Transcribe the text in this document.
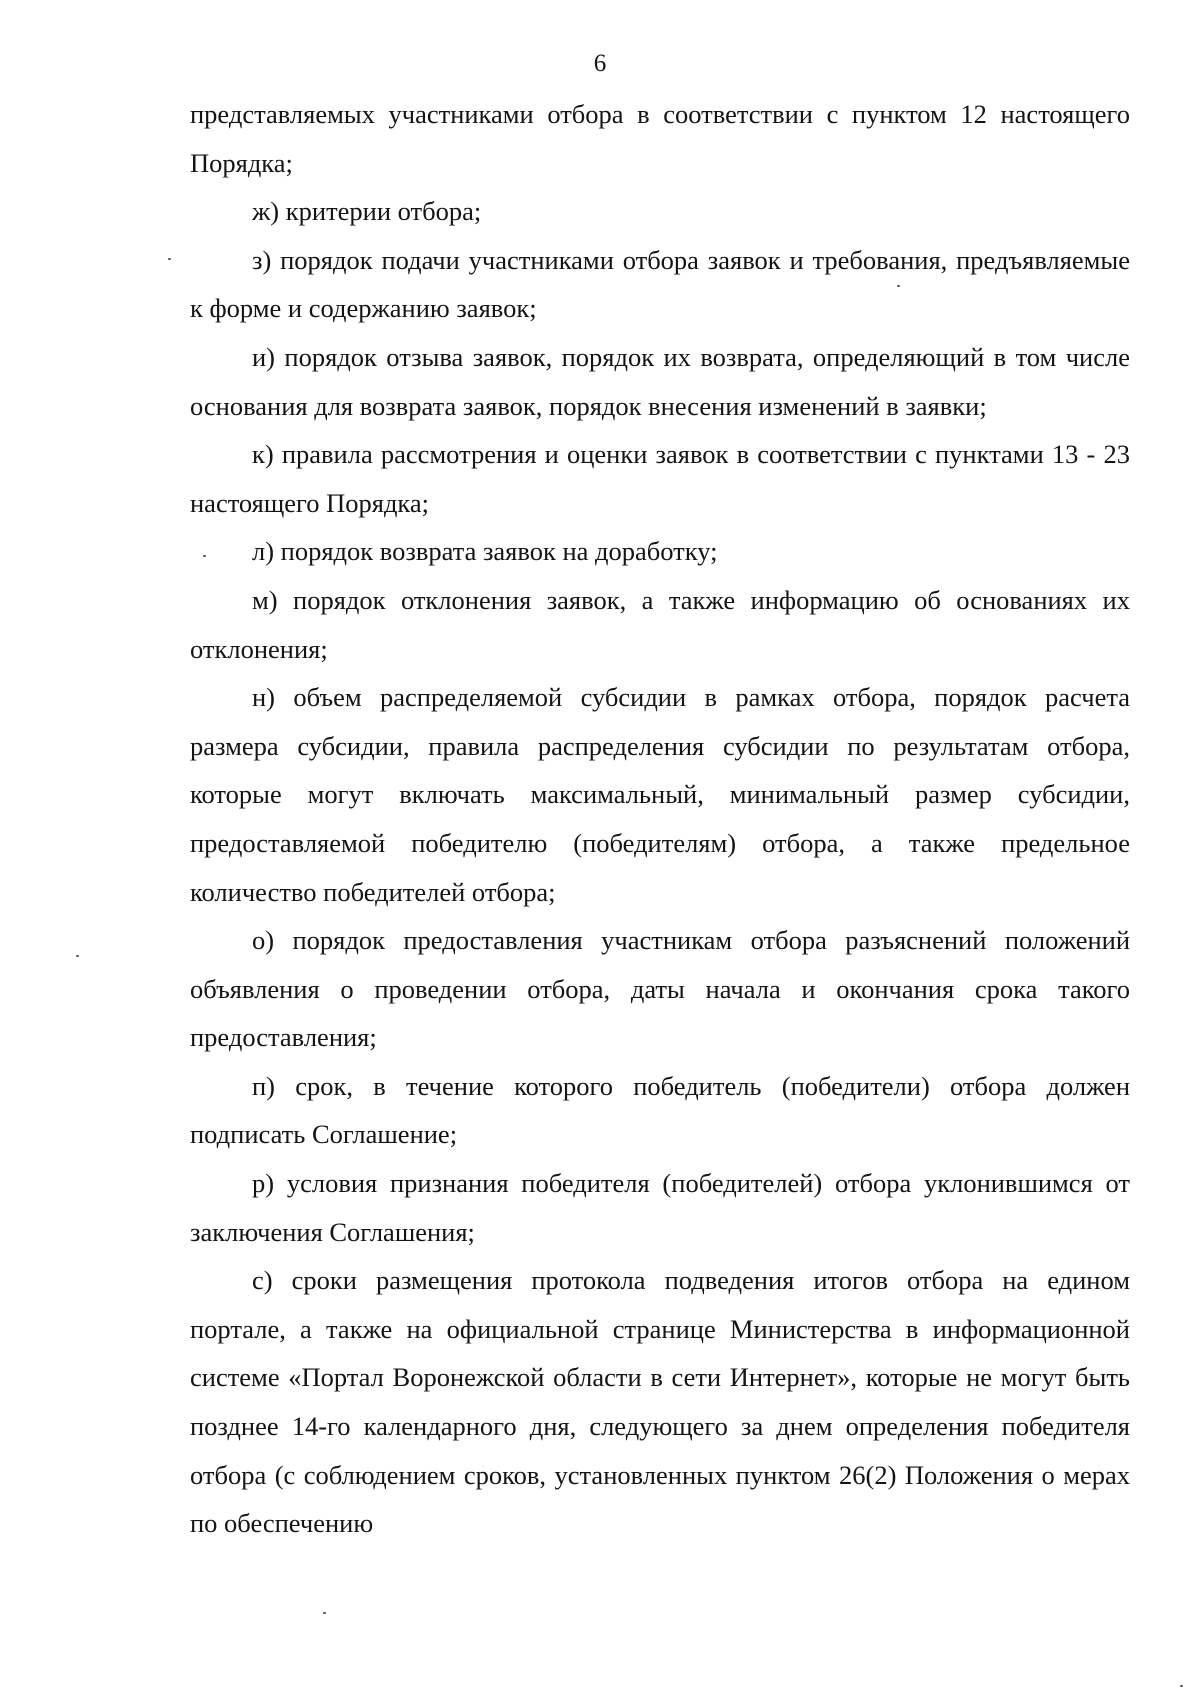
6

представляемых участниками отбора в соответствии с пунктом 12 настоящего Порядка;

ж) критерии отбора;

з) порядок подачи участниками отбора заявок и требования, предъявляемые к форме и содержанию заявок;

и) порядок отзыва заявок, порядок их возврата, определяющий в том числе основания для возврата заявок, порядок внесения изменений в заявки;

к) правила рассмотрения и оценки заявок в соответствии с пунктами 13 - 23 настоящего Порядка;

л) порядок возврата заявок на доработку;

м) порядок отклонения заявок, а также информацию об основаниях их отклонения;

н) объем распределяемой субсидии в рамках отбора, порядок расчета размера субсидии, правила распределения субсидии по результатам отбора, которые могут включать максимальный, минимальный размер субсидии, предоставляемой победителю (победителям) отбора, а также предельное количество победителей отбора;

о) порядок предоставления участникам отбора разъяснений положений объявления о проведении отбора, даты начала и окончания срока такого предоставления;

п) срок, в течение которого победитель (победители) отбора должен подписать Соглашение;

р) условия признания победителя (победителей) отбора уклонившимся от заключения Соглашения;

с) сроки размещения протокола подведения итогов отбора на едином портале, а также на официальной странице Министерства в информационной системе «Портал Воронежской области в сети Интернет», которые не могут быть позднее 14-го календарного дня, следующего за днем определения победителя отбора (с соблюдением сроков, установленных пунктом 26(2) Положения о мерах по обеспечению
